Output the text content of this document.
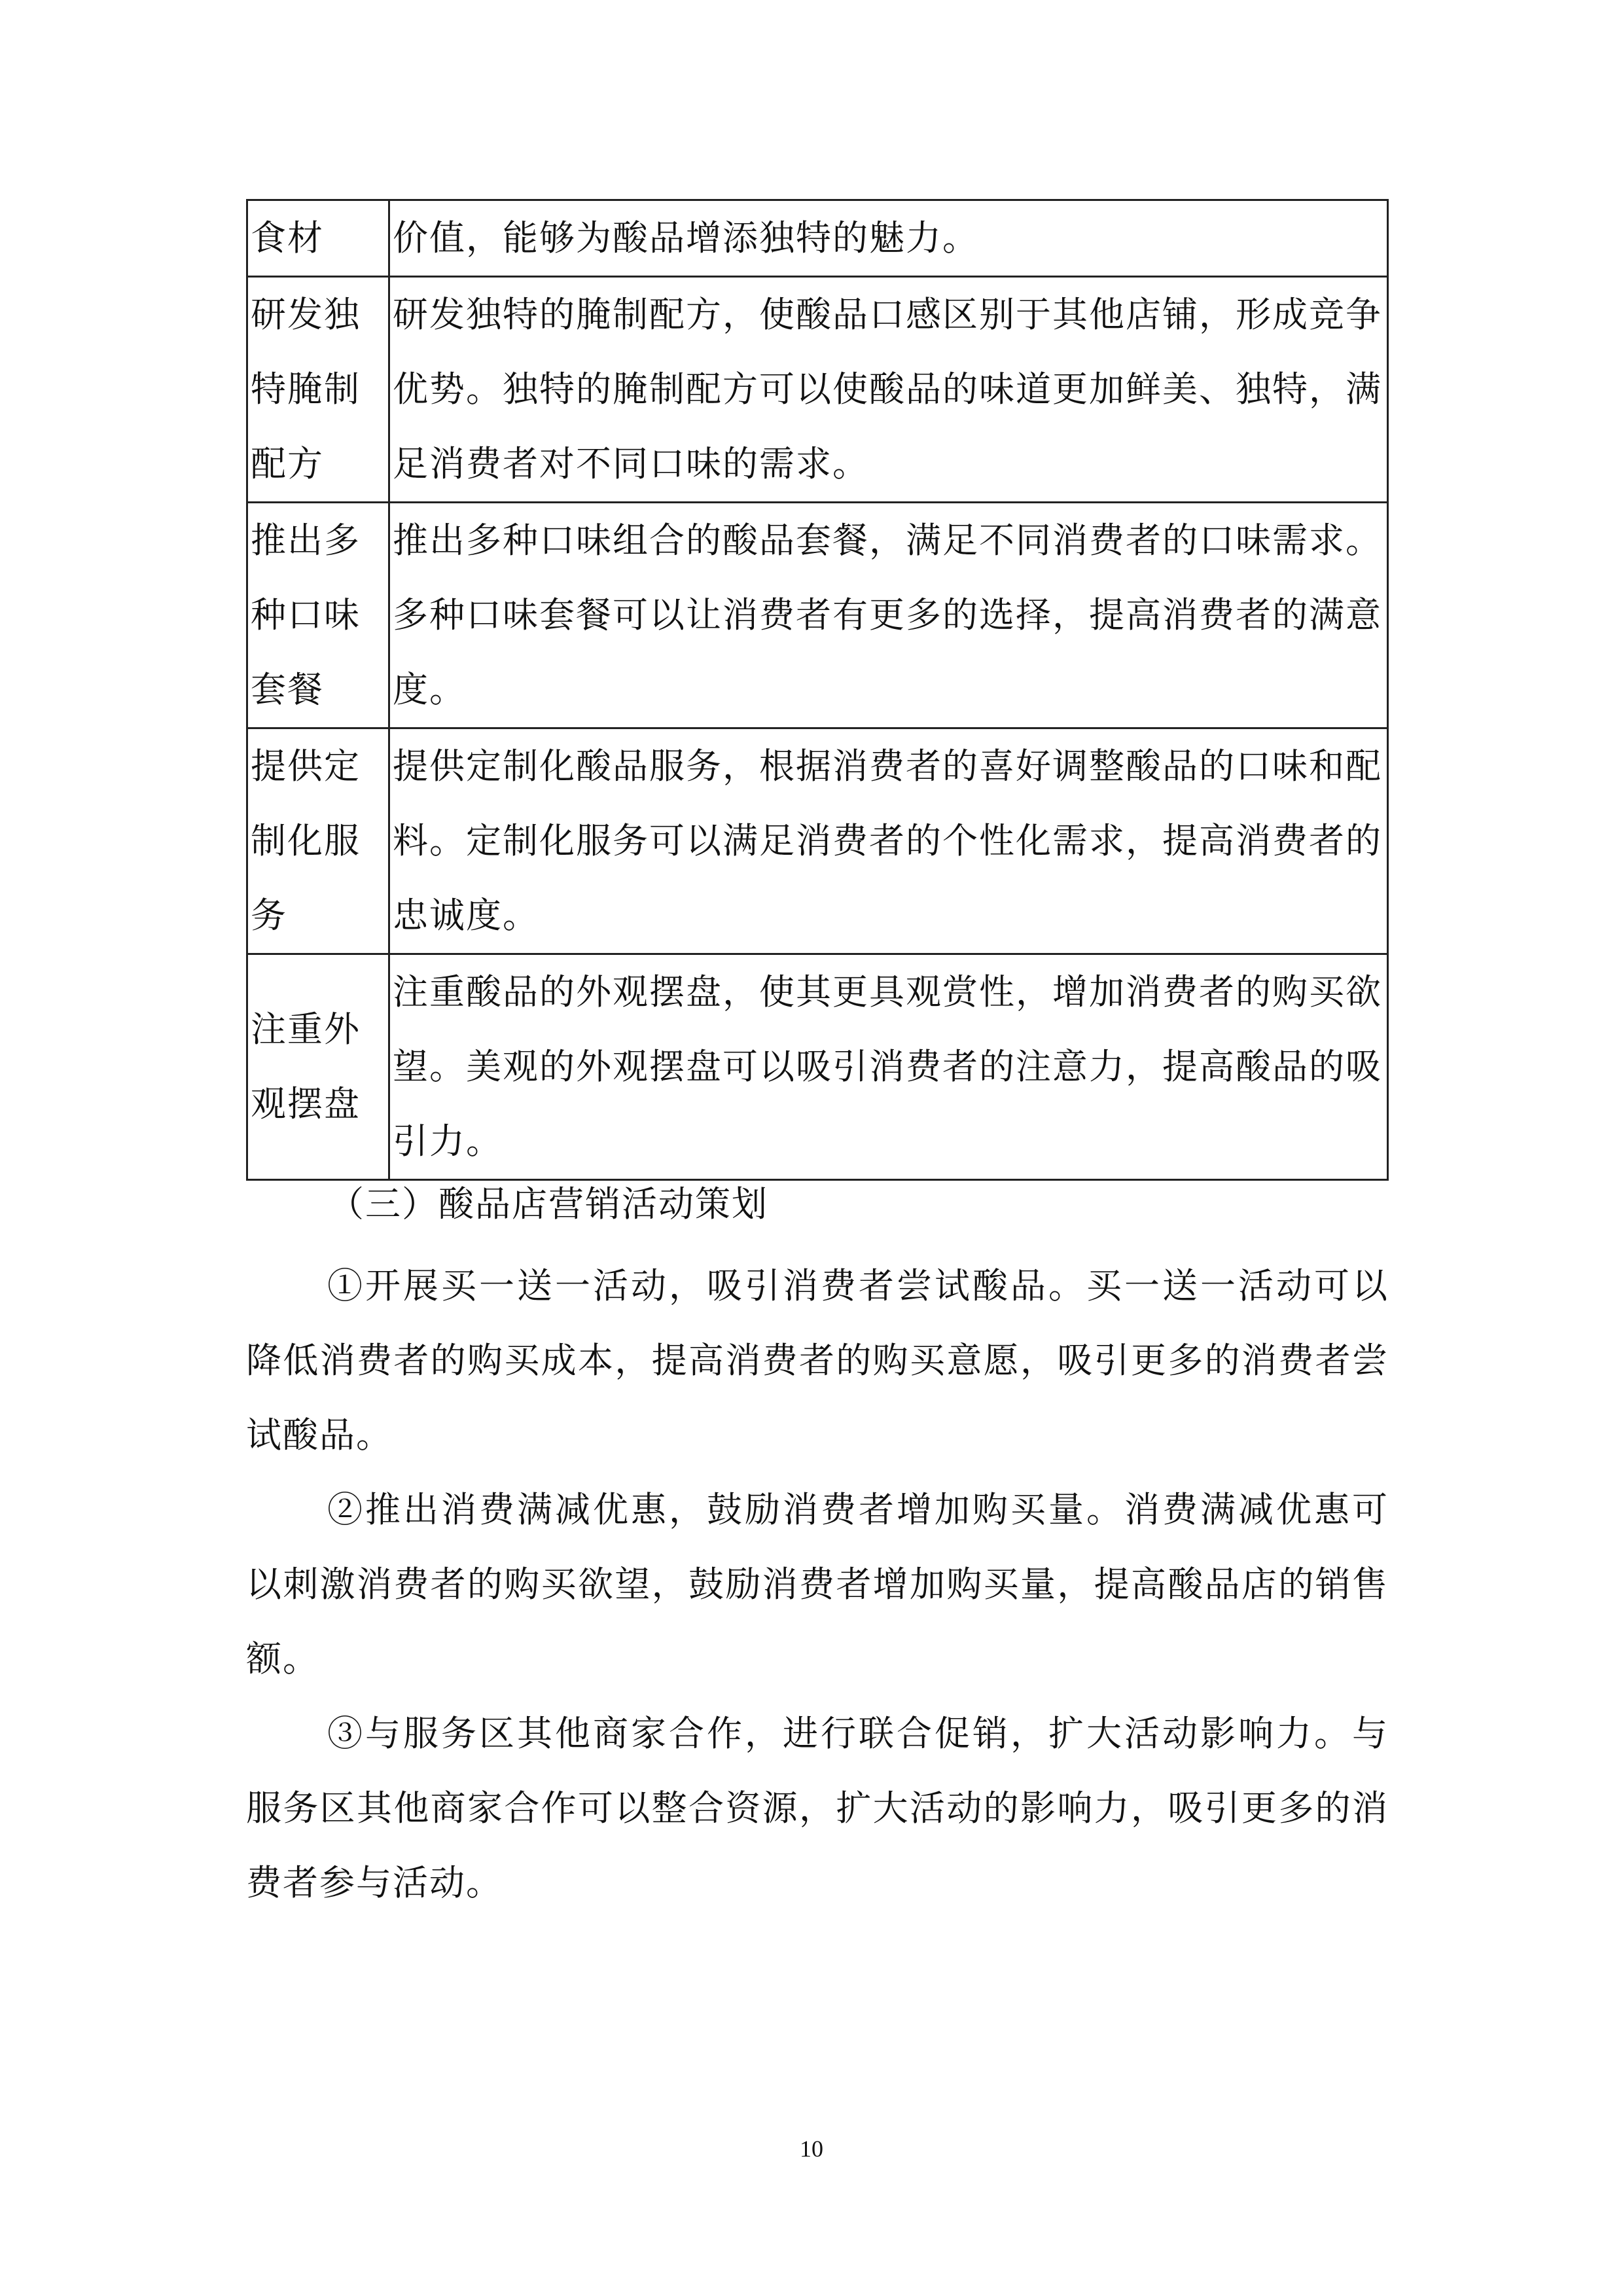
食材	价值，能够为酸品增添独特的魅力。
研发独特腌制配方	研发独特的腌制配方，使酸品口感区别于其他店铺，形成竞争优势。独特的腌制配方可以使酸品的味道更加鲜美、独特，满足消费者对不同口味的需求。
推出多种口味套餐	推出多种口味组合的酸品套餐，满足不同消费者的口味需求。多种口味套餐可以让消费者有更多的选择，提高消费者的满意度。
提供定制化服务	提供定制化酸品服务，根据消费者的喜好调整酸品的口味和配料。定制化服务可以满足消费者的个性化需求，提高消费者的忠诚度。
注重外观摆盘	注重酸品的外观摆盘，使其更具观赏性，增加消费者的购买欲望。美观的外观摆盘可以吸引消费者的注意力，提高酸品的吸引力。
（三）酸品店营销活动策划

①开展买一送一活动，吸引消费者尝试酸品。买一送一活动可以降低消费者的购买成本，提高消费者的购买意愿，吸引更多的消费者尝试酸品。

②推出消费满减优惠，鼓励消费者增加购买量。消费满减优惠可以刺激消费者的购买欲望，鼓励消费者增加购买量，提高酸品店的销售额。

③与服务区其他商家合作，进行联合促销，扩大活动影响力。与服务区其他商家合作可以整合资源，扩大活动的影响力，吸引更多的消费者参与活动。

10
